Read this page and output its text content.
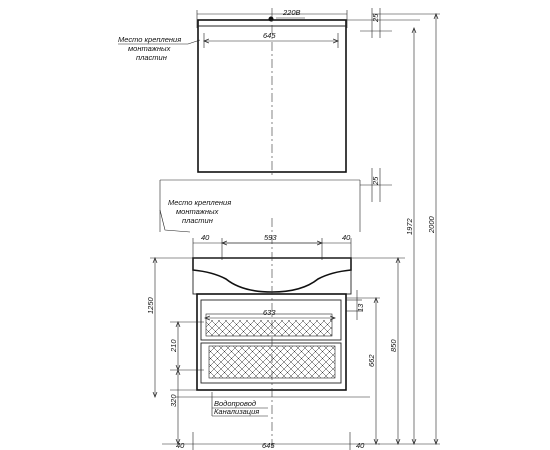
220В
645
25
Место крепления
монтажных
пластин
40	593	40
25
Место крепления
монтажных
пластин
633
13
1250
210
320
662
850
1972 2000
Водопровод
Канализация
40	645	40
